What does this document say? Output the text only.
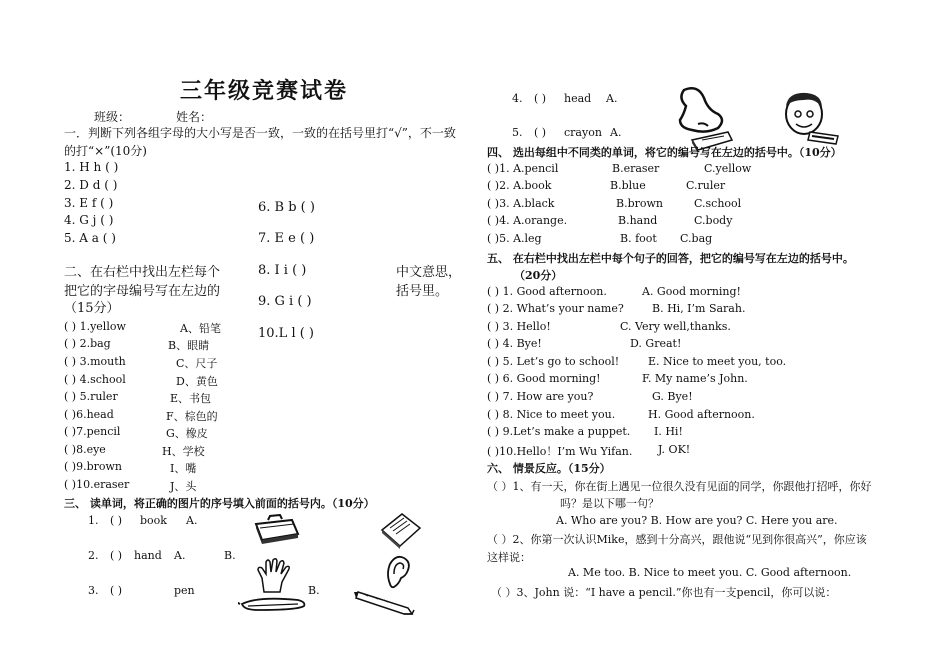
三年级竞赛试卷
班级：	姓名：
一．判断下列各组字母的大小写是否一致，一致的在括号里打“√”，不一致
的打“×”(10分)
1. H h ( )
2. D d ( )
3. E f ( )
4. G j ( )
5. A a ( )
6. B b ( )
7. E e ( )
8. I i ( )
9. G i ( )
10.L l ( )
二、在右栏中找出左栏每个
把它的字母编号写在左边的
（15分）
中文意思，
括号里。
( ) 1.yellow	A、铅笔
( ) 2.bag	B、眼睛
( ) 3.mouth	C、尺子
( ) 4.school	D、黄色
( ) 5.ruler	E、书包
( )6.head	F、棕色的
( )7.pencil	G、橡皮
( )8.eye	H、学校
( )9.brown	I、嘴
( )10.eraser	J、头
三、 读单词，将正确的图片的序号填入前面的括号内。（10分）
1. ( ) book A.
2. ( ) hand A.	B.
3. ( )	pen	B.
4. ( ) head A.
5. ( ) crayon A.
四、 选出每组中不同类的单词，将它的编号写在左边的括号中。（10分）
( )1. A.pencil	B.eraser	C.yellow
( )2. A.book	B.blue	C.ruler
( )3. A.black	B.brown	C.school
( )4. A.orange.	B.hand	C.body
( )5. A.leg	B. foot C.bag
五、 在右栏中找出左栏中每个句子的回答，把它的编号写在左边的括号中。
（20分）
( ) 1. Good afternoon.	A. Good morning!
( ) 2. What’s your name?	B. Hi, I’m Sarah.
( ) 3. Hello!	C. Very well,thanks.
( ) 4. Bye!	D. Great!
( ) 5. Let’s go to school!	E. Nice to meet you, too.
( ) 6. Good morning!	F. My name’s John.
( ) 7. How are you?	G. Bye!
( ) 8. Nice to meet you.	H. Good afternoon.
( ) 9.Let’s make a puppet. I. Hi!
( )10.Hello！I’m Wu Yifan. J. OK!
六、 情景反应。（15分）
（ ）1、有一天，你在街上遇见一位很久没有见面的同学，你跟他打招呼，你好
吗？是以下哪一句？
A. Who are you? B. How are you? C. Here you are.
（ ）2、你第一次认识Mike，感到十分高兴，跟他说“见到你很高兴”，你应该
这样说：
A. Me too. B. Nice to meet you. C. Good afternoon.
（ ）3、John 说：“I have a pencil.”你也有一支pencil，你可以说：
